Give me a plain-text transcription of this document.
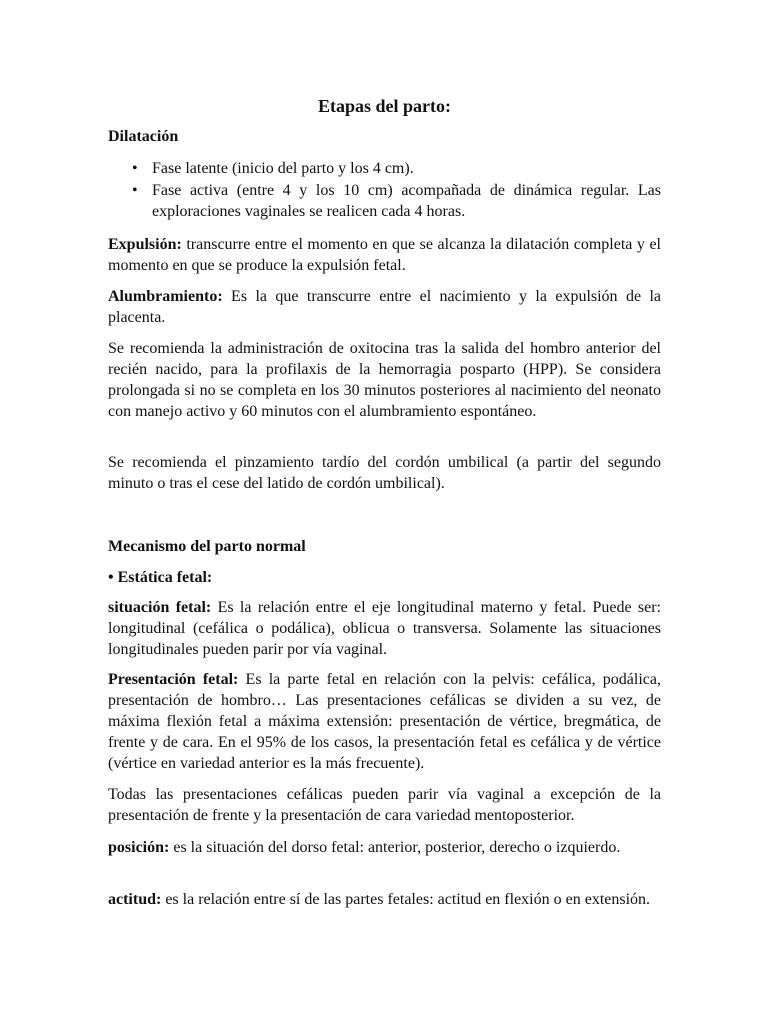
Etapas del parto:
Dilatación
• Fase latente (inicio del parto y los 4 cm).
• Fase activa (entre 4 y los 10 cm) acompañada de dinámica regular. Las exploraciones vaginales se realicen cada 4 horas.

Expulsión: transcurre entre el momento en que se alcanza la dilatación completa y el momento en que se produce la expulsión fetal.

Alumbramiento: Es la que transcurre entre el nacimiento y la expulsión de la placenta.

Se recomienda la administración de oxitocina tras la salida del hombro anterior del recién nacido, para la profilaxis de la hemorragia posparto (HPP). Se considera prolongada si no se completa en los 30 minutos posteriores al nacimiento del neonato con manejo activo y 60 minutos con el alumbramiento espontáneo.

Se recomienda el pinzamiento tardío del cordón umbilical (a partir del segundo minuto o tras el cese del latido de cordón umbilical).

Mecanismo del parto normal
• Estática fetal:

situación fetal: Es la relación entre el eje longitudinal materno y fetal. Puede ser: longitudinal (cefálica o podálica), oblicua o transversa. Solamente las situaciones longitudinales pueden parir por vía vaginal.

Presentación fetal: Es la parte fetal en relación con la pelvis: cefálica, podálica, presentación de hombro… Las presentaciones cefálicas se dividen a su vez, de máxima flexión fetal a máxima extensión: presentación de vértice, bregmática, de frente y de cara. En el 95% de los casos, la presentación fetal es cefálica y de vértice (vértice en variedad anterior es la más frecuente).

Todas las presentaciones cefálicas pueden parir vía vaginal a excepción de la presentación de frente y la presentación de cara variedad mentoposterior.

posición: es la situación del dorso fetal: anterior, posterior, derecho o izquierdo.

actitud: es la relación entre sí de las partes fetales: actitud en flexión o en extensión.
